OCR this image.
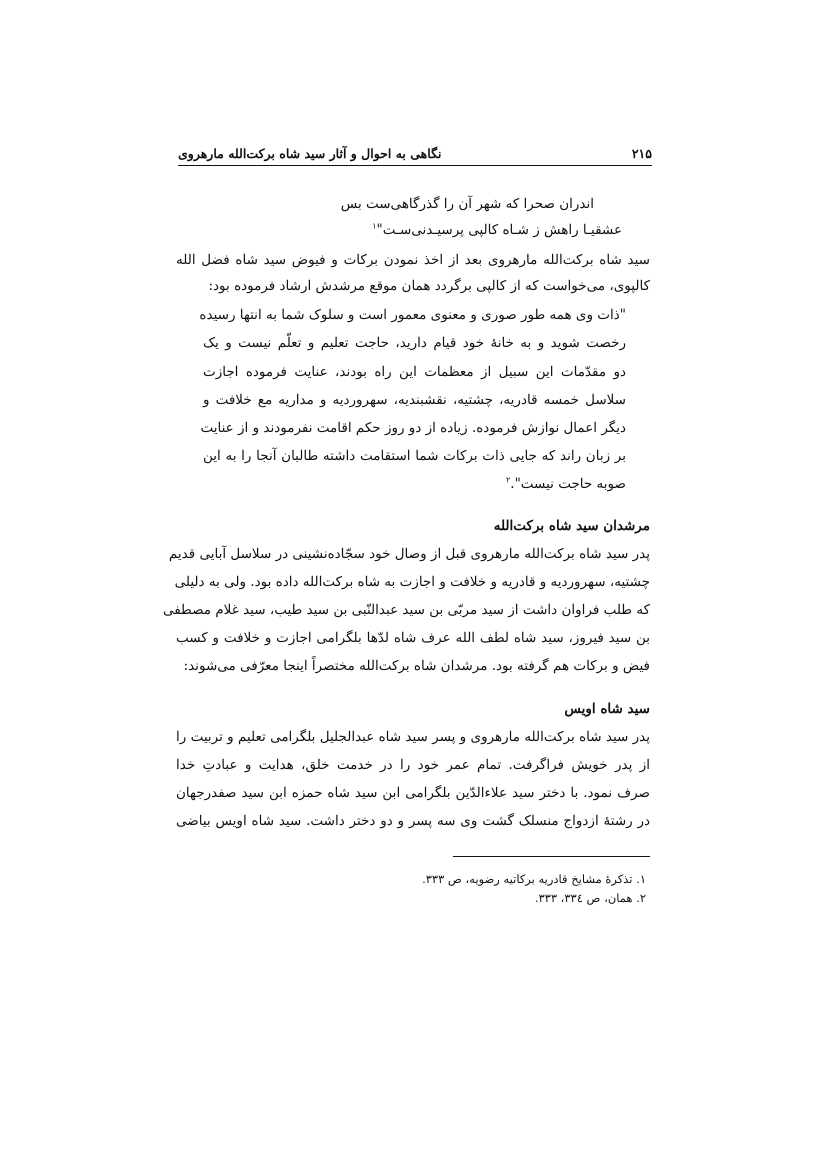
۲۱۵
نگاهی به احوال و آثار سید شاه برکت‌الله مارهروی
اندران صحرا که شهر آن را گذرگاهی‌ست بس
عشقیـا راهش ز شـاه کالپی پرسیـدنی‌سـت"$^۱$
سید شاه برکت‌الله مارهروی بعد از اخذ نمودن برکات و فیوض سید شاه فضل الله
کالپوی، می‌خواست که از کالپی برگردد همان موقع مرشدش ارشاد فرموده بود:
"ذات وی همه طور صوری و معنوی معمور است و سلوک شما به انتها رسیده
رخصت شوید و به خانهٔ خود قیام دارید، حاجت تعلیم و تعلّم نیست و یک
دو مقدّمات این سبیل از معظمات این راه بودند، عنایت فرموده اجازت
سلاسل خمسه قادریه، چشتیه، نقشبندیه، سهروردیه و مداریه مع خلافت و
دیگر اعمال نوازش فرموده. زیاده از دو روز حکم اقامت نفرمودند و از عنایت
بر زبان راند که جایی ذات برکات شما استقامت داشته طالبان آنجا را به این
صوبه حاجت نیست".$^۲$
مرشدان سید شاه برکت‌الله
پدر سید شاه برکت‌الله مارهروی قبل از وصال خود سجّاده‌نشینی در سلاسل آبایی قدیم
چشتیه، سهروردیه و قادریه و خلافت و اجازت به شاه برکت‌الله داده بود. ولی به دلیلی
که طلب فراوان داشت از سید مربّی بن سید عبدالنّبی بن سید طیب، سید غلام مصطفی
بن سید فیروز، سید شاه لطف الله عرف شاه لدّها بلگرامی اجازت و خلافت و کسب
فیض و برکات هم گرفته بود. مرشدان شاه برکت‌الله مختصراً اینجا معرّفی می‌شوند:
سید شاه اویس
پدر سید شاه برکت‌الله مارهروی و پسر سید شاه عبدالجلیل بلگرامی تعلیم و تربیت را
از پدر خویش فراگرفت. تمام عمر خود را در خدمت خلق، هدایت و عبادتِ خدا
صرف نمود. با دختر سید علاءالدّین بلگرامی ابن سید شاه حمزه ابن سید صفدرجهان
در رشتهٔ ازدواج منسلک گشت وی سه پسر و دو دختر داشت. سید شاه اویس بیاضی
۱. تذکرهٔ مشایخ قادریه برکاتیه رضویه، ص ۳۳۳.
۲. همان، ص ۳۳٤، ۳۳۳.
